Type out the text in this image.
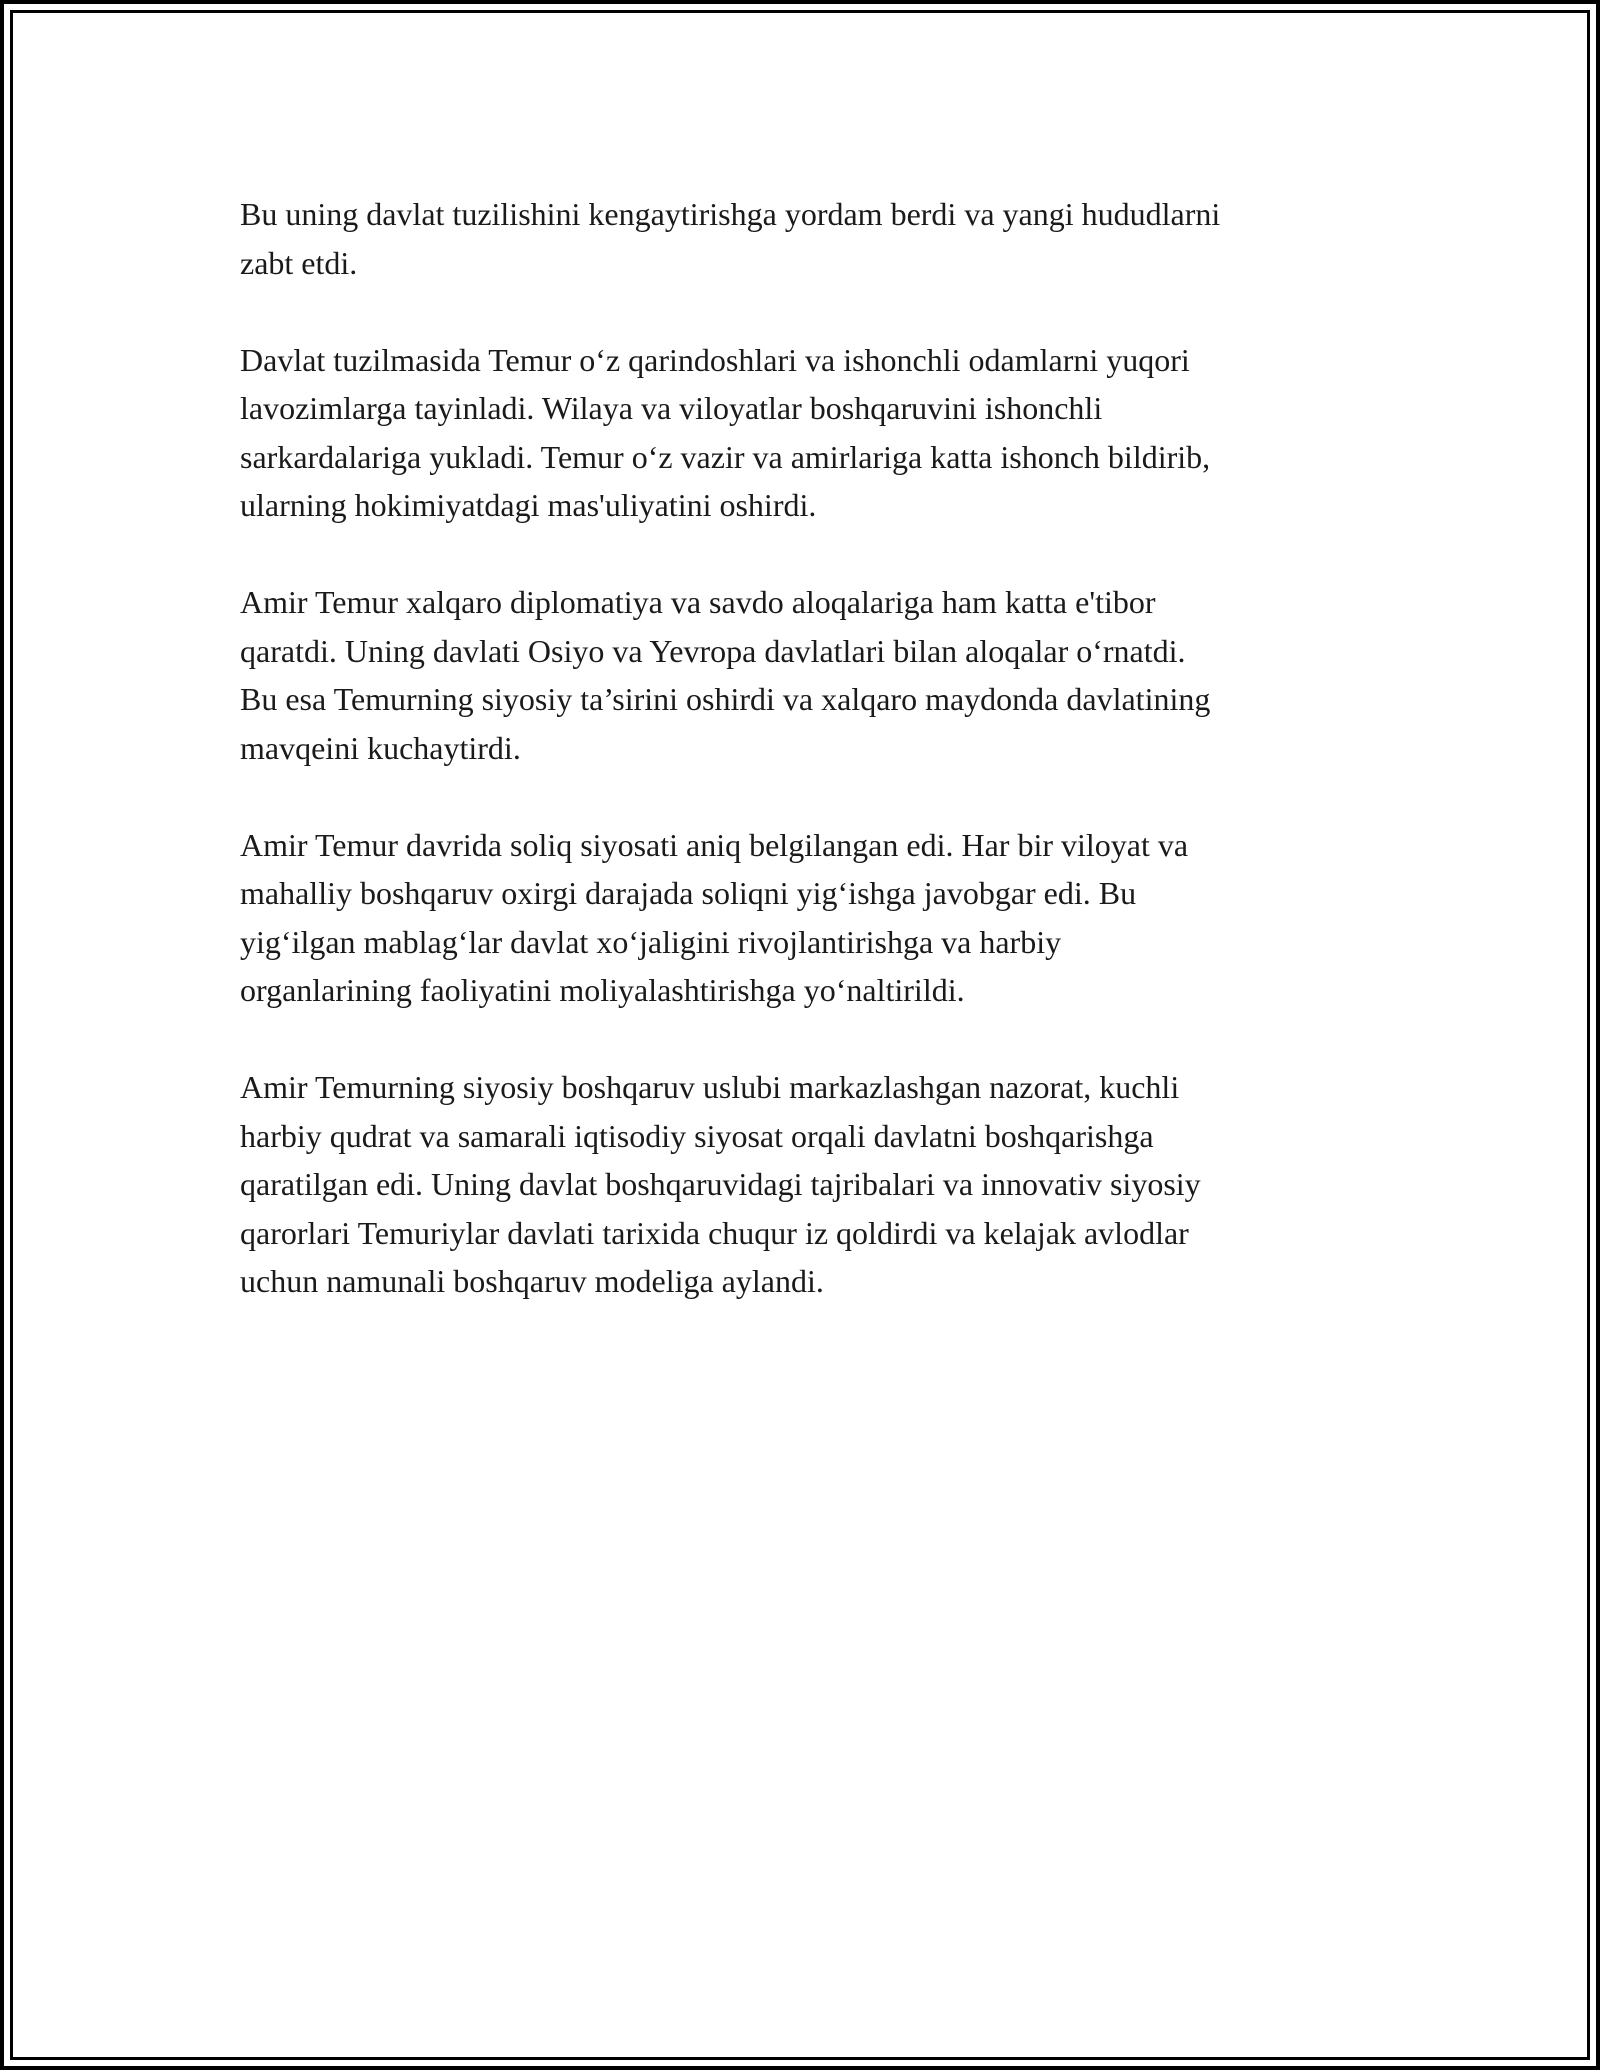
Bu uning davlat tuzilishini kengaytirishga yordam berdi va yangi hududlarni
zabt etdi.

Davlat tuzilmasida Temur o‘z qarindoshlari va ishonchli odamlarni yuqori
lavozimlarga tayinladi. Wilaya va viloyatlar boshqaruvini ishonchli
sarkardalariga yukladi. Temur o‘z vazir va amirlariga katta ishonch bildirib,
ularning hokimiyatdagi mas'uliyatini oshirdi.

Amir Temur xalqaro diplomatiya va savdo aloqalariga ham katta e'tibor
qaratdi. Uning davlati Osiyo va Yevropa davlatlari bilan aloqalar o‘rnatdi.
Bu esa Temurning siyosiy ta’sirini oshirdi va xalqaro maydonda davlatining
mavqeini kuchaytirdi.

Amir Temur davrida soliq siyosati aniq belgilangan edi. Har bir viloyat va
mahalliy boshqaruv oxirgi darajada soliqni yig‘ishga javobgar edi. Bu
yig‘ilgan mablag‘lar davlat xo‘jaligini rivojlantirishga va harbiy
organlarining faoliyatini moliyalashtirishga yo‘naltirildi.

Amir Temurning siyosiy boshqaruv uslubi markazlashgan nazorat, kuchli
harbiy qudrat va samarali iqtisodiy siyosat orqali davlatni boshqarishga
qaratilgan edi. Uning davlat boshqaruvidagi tajribalari va innovativ siyosiy
qarorlari Temuriylar davlati tarixida chuqur iz qoldirdi va kelajak avlodlar
uchun namunali boshqaruv modeliga aylandi.
